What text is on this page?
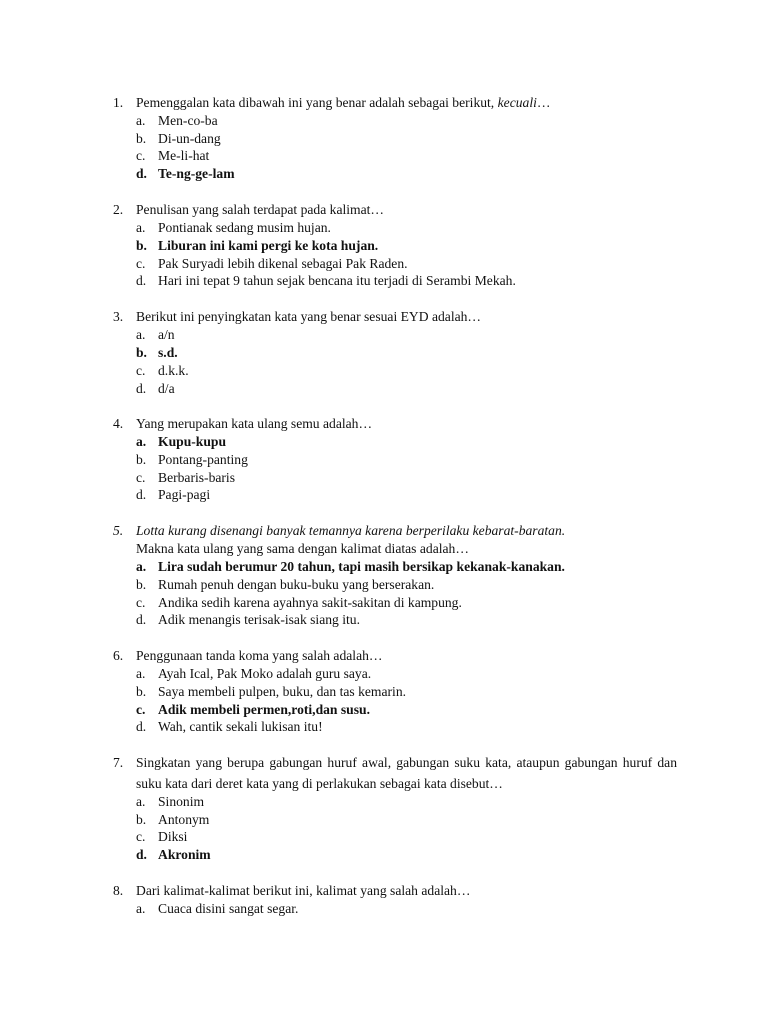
1. Pemenggalan kata dibawah ini yang benar adalah sebagai berikut, kecuali…
a. Men-co-ba
b. Di-un-dang
c. Me-li-hat
d. Te-ng-ge-lam
2. Penulisan yang salah terdapat pada kalimat…
a. Pontianak sedang musim hujan.
b. Liburan ini kami pergi ke kota hujan.
c. Pak Suryadi lebih dikenal sebagai Pak Raden.
d. Hari ini tepat 9 tahun sejak bencana itu terjadi di Serambi Mekah.
3. Berikut ini penyingkatan kata yang benar sesuai EYD adalah…
a. a/n
b. s.d.
c. d.k.k.
d. d/a
4. Yang merupakan kata ulang semu adalah…
a. Kupu-kupu
b. Pontang-panting
c. Berbaris-baris
d. Pagi-pagi
5. Lotta kurang disenangi banyak temannya karena berperilaku kebarat-baratan.
Makna kata ulang yang sama dengan kalimat diatas adalah…
a. Lira sudah berumur 20 tahun, tapi masih bersikap kekanak-kanakan.
b. Rumah penuh dengan buku-buku yang berserakan.
c. Andika sedih karena ayahnya sakit-sakitan di kampung.
d. Adik menangis terisak-isak siang itu.
6. Penggunaan tanda koma yang salah adalah…
a. Ayah Ical, Pak Moko adalah guru saya.
b. Saya membeli pulpen, buku, dan tas kemarin.
c. Adik membeli permen,roti,dan susu.
d. Wah, cantik sekali lukisan itu!
7. Singkatan yang berupa gabungan huruf awal, gabungan suku kata, ataupun gabungan huruf dan suku kata dari deret kata yang di perlakukan sebagai kata disebut…
a. Sinonim
b. Antonym
c. Diksi
d. Akronim
8. Dari kalimat-kalimat berikut ini, kalimat yang salah adalah…
a. Cuaca disini sangat segar.
